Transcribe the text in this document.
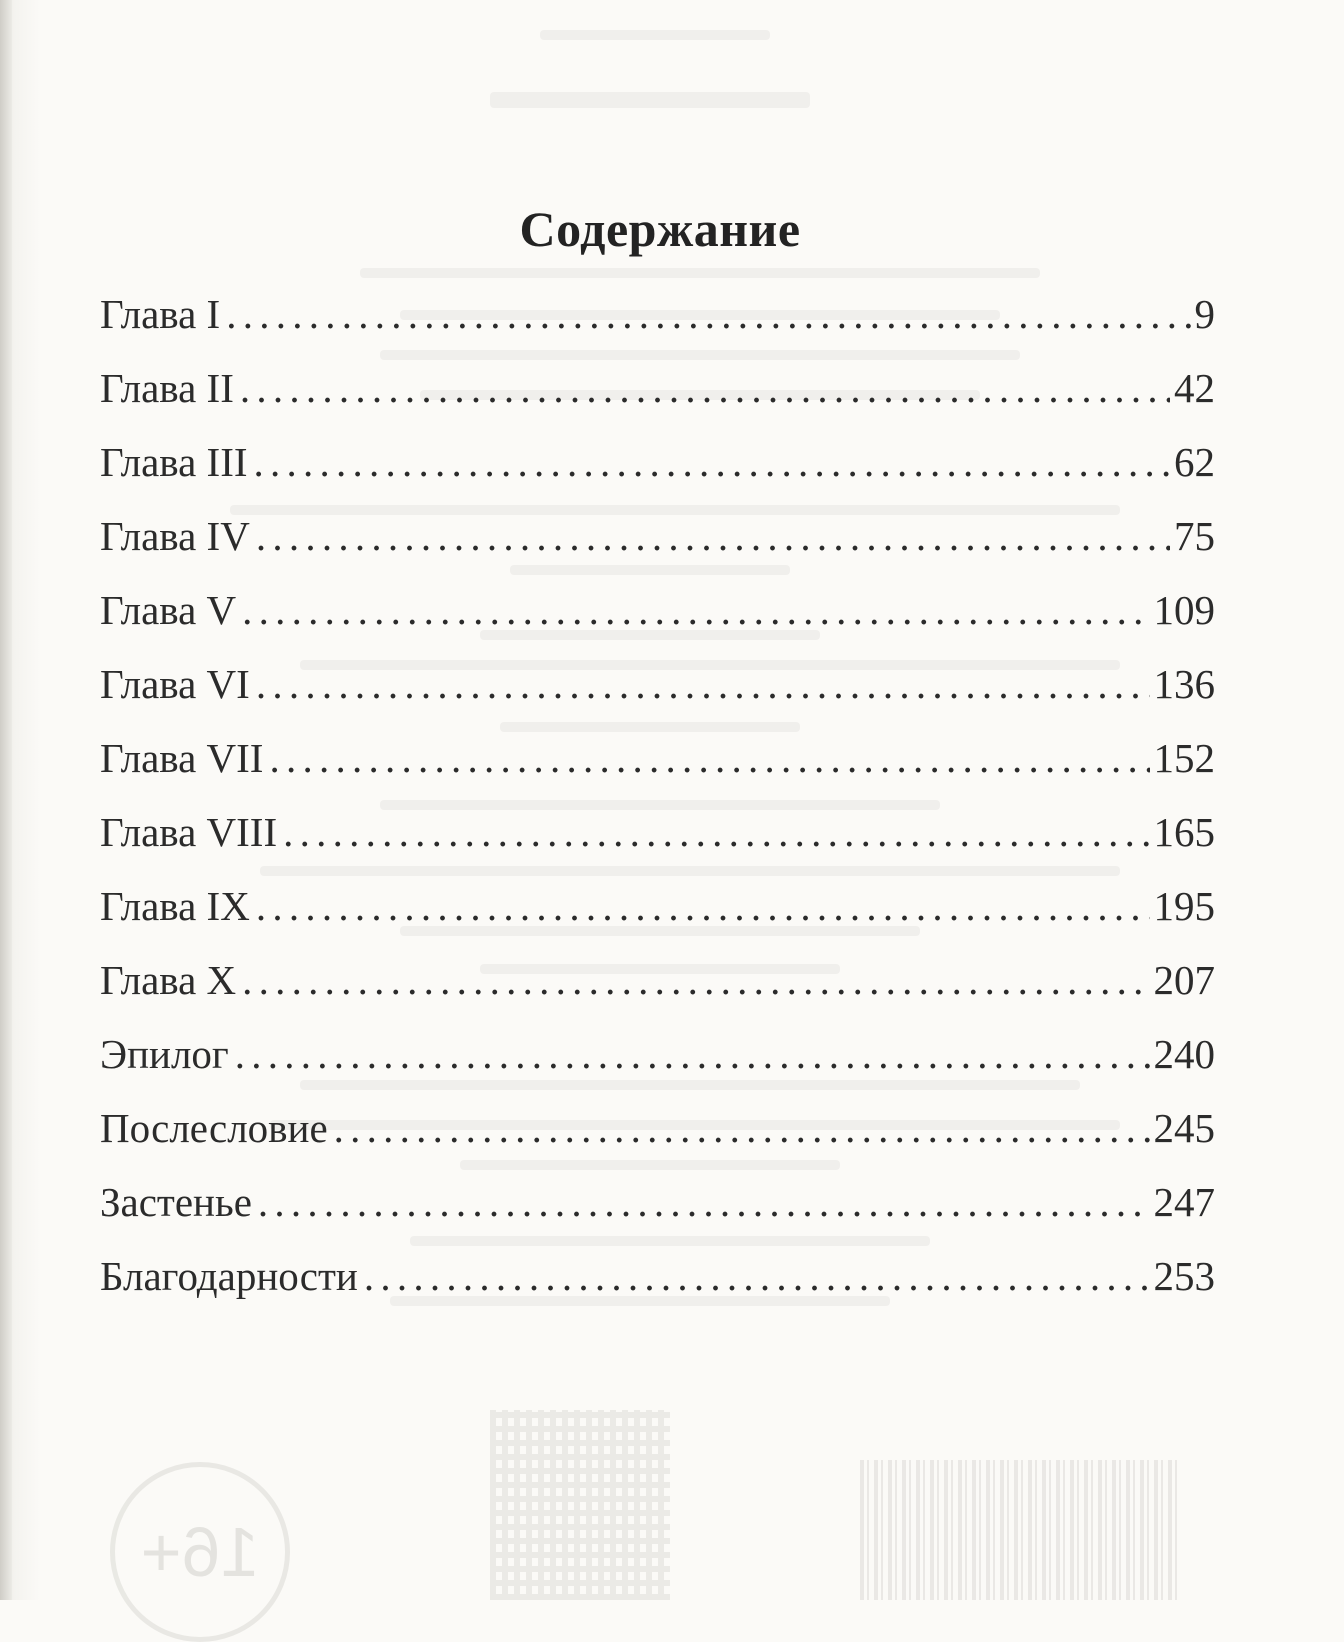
16+
Содержание
Глава I . . .	9
Глава II . . .	42
Глава III . . .	62
Глава IV . . .	75
Глава V . . .	109
Глава VI . . .	136
Глава VII . . .	152
Глава VIII . . .	165
Глава IX . . .	195
Глава X . . .	207
Эпилог . . .	240
Послесловие . . .	245
Застенье . . .	247
Благодарности . . .	253
